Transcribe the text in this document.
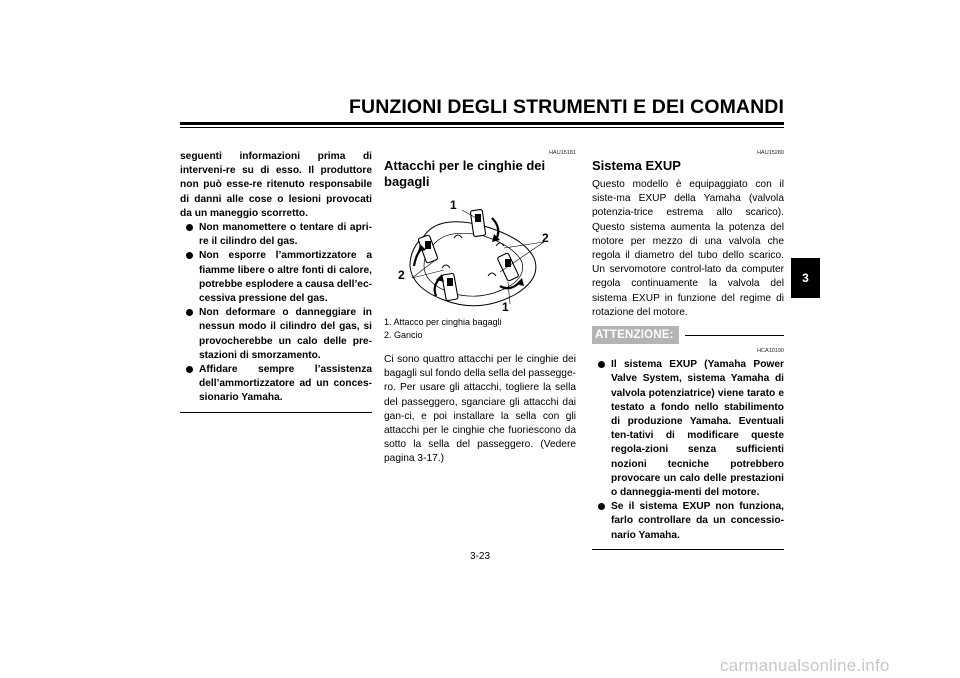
FUNZIONI DEGLI STRUMENTI E DEI COMANDI
3
seguenti informazioni prima di interveni-re su di esso. Il produttore non può esse-re ritenuto responsabile di danni alle cose o lesioni provocati da un maneggio scorretto.
Non manomettere o tentare di apri-re il cilindro del gas.
Non esporre l’ammortizzatore a fiamme libere o altre fonti di calore, potrebbe esplodere a causa dell’ec-cessiva pressione del gas.
Non deformare o danneggiare in nessun modo il cilindro del gas, si provocherebbe un calo delle pre-stazioni di smorzamento.
Affidare sempre l’assistenza dell’ammortizzatore ad un conces-sionario Yamaha.
HAU15181
Attacchi per le cinghie dei bagagli
1
2
2
1
1. Attacco per cinghia bagagli
2. Gancio
Ci sono quattro attacchi per le cinghie dei bagagli sul fondo della sella del passegge-ro. Per usare gli attacchi, togliere la sella del passeggero, sganciare gli attacchi dai gan-ci, e poi installare la sella con gli attacchi per le cinghie che fuoriescono da sotto la sella del passeggero. (Vedere pagina 3-17.)
HAU15280
Sistema EXUP
Questo modello è equipaggiato con il siste-ma EXUP della Yamaha (valvola potenzia-trice estrema allo scarico). Questo sistema aumenta la potenza del motore per mezzo di una valvola che regola il diametro del tubo dello scarico. Un servomotore control-lato da computer regola continuamente la valvola del sistema EXUP in funzione del regime di rotazione del motore.
ATTENZIONE:
HCA10190
Il sistema EXUP (Yamaha Power Valve System, sistema Yamaha di valvola potenziatrice) viene tarato e testato a fondo nello stabilimento di produzione Yamaha. Eventuali ten-tativi di modificare queste regola-zioni senza sufficienti nozioni tecniche potrebbero provocare un calo delle prestazioni o danneggia-menti del motore.
Se il sistema EXUP non funziona, farlo controllare da un concessio-nario Yamaha.
3-23
carmanualsonline.info
